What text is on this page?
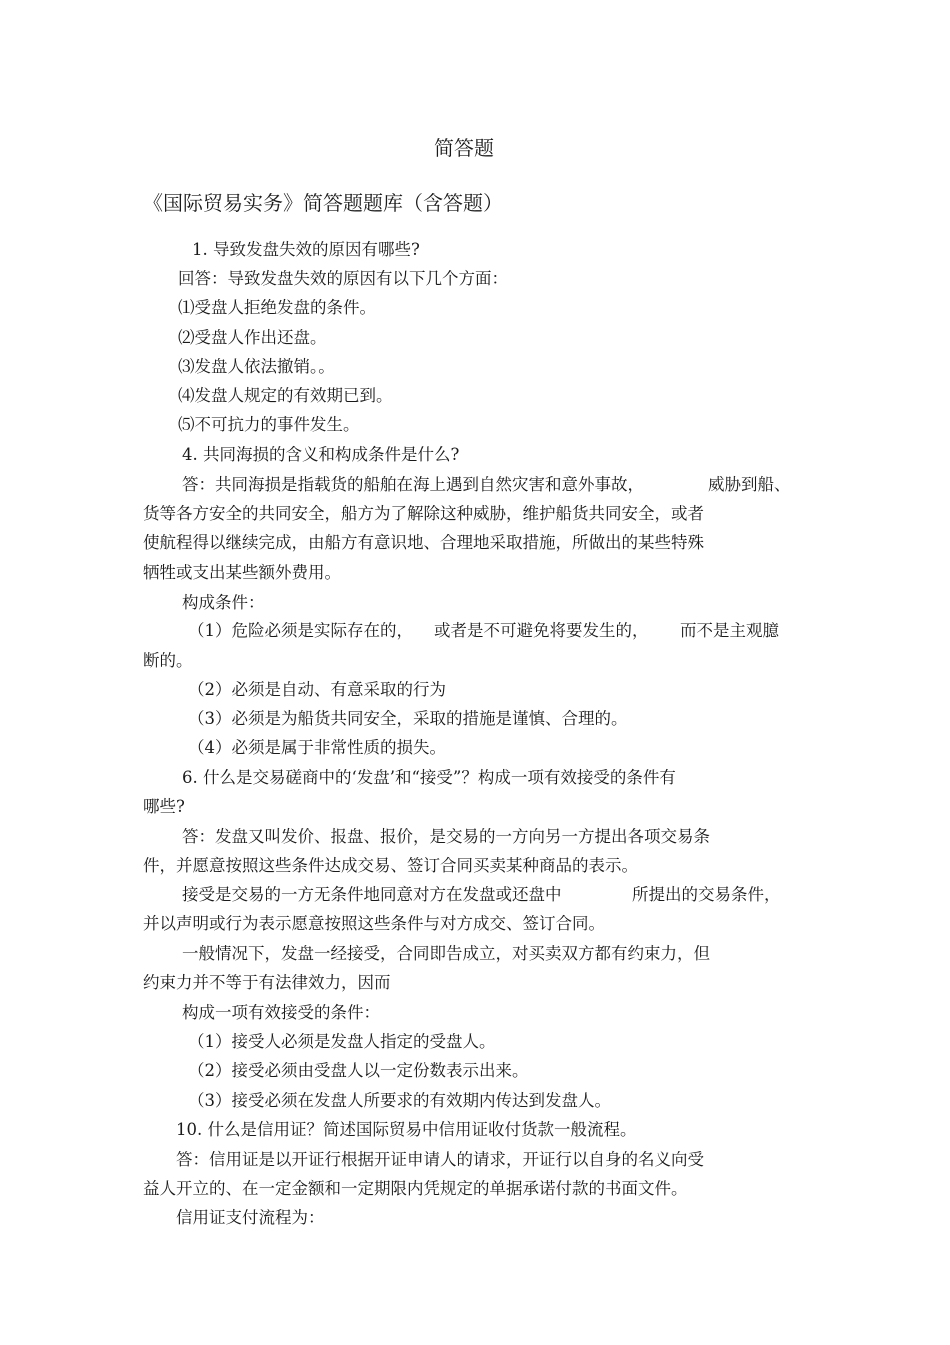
简答题
《国际贸易实务》简答题题库（含答题）
1. 导致发盘失效的原因有哪些?
回答：导致发盘失效的原因有以下几个方面：
⑴受盘人拒绝发盘的条件。
⑵受盘人作出还盘。
⑶发盘人依法撤销。。
⑷发盘人规定的有效期已到。
⑸不可抗力的事件发生。
4. 共同海损的含义和构成条件是什么?
答：共同海损是指载货的船舶在海上遇到自然灾害和意外事故，	威胁到船、
货等各方安全的共同安全，船方为了解除这种威胁，维护船货共同安全，或者
使航程得以继续完成，由船方有意识地、合理地采取措施，所做出的某些特殊
牺牲或支出某些额外费用。
构成条件：
（1）危险必须是实际存在的， 或者是不可避免将要发生的， 而不是主观臆
断的。
（2）必须是自动、有意采取的行为
（3）必须是为船货共同安全，采取的措施是谨慎、合理的。
（4）必须是属于非常性质的损失。
6. 什么是交易磋商中的‘发盘’和“接受”？构成一项有效接受的条件有
哪些?
答：发盘又叫发价、报盘、报价，是交易的一方向另一方提出各项交易条
件，并愿意按照这些条件达成交易、签订合同买卖某种商品的表示。
接受是交易的一方无条件地同意对方在发盘或还盘中	所提出的交易条件，
并以声明或行为表示愿意按照这些条件与对方成交、签订合同。
一般情况下，发盘一经接受，合同即告成立，对买卖双方都有约束力，但
约束力并不等于有法律效力，因而
构成一项有效接受的条件：
（1）接受人必须是发盘人指定的受盘人。
（2）接受必须由受盘人以一定份数表示出来。
（3）接受必须在发盘人所要求的有效期内传达到发盘人。
10. 什么是信用证？简述国际贸易中信用证收付货款一般流程。
答：信用证是以开证行根据开证申请人的请求，开证行以自身的名义向受
益人开立的、在一定金额和一定期限内凭规定的单据承诺付款的书面文件。
信用证支付流程为：
